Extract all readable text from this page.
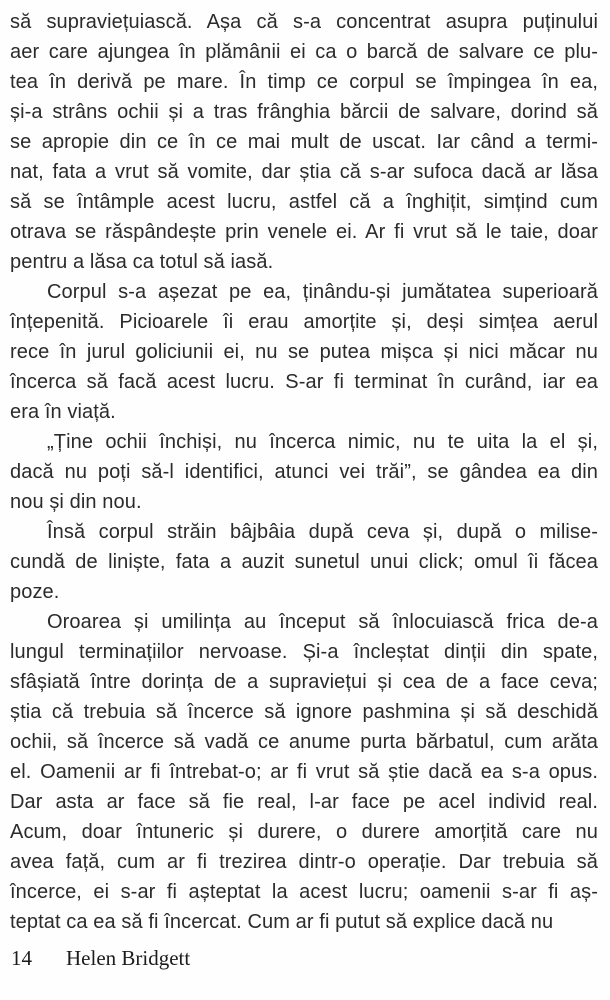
să supraviețuiască. Așa că s-a concentrat asupra puținului
aer care ajungea în plămânii ei ca o barcă de salvare ce plu-
tea în derivă pe mare. În timp ce corpul se împingea în ea,
și-a strâns ochii și a tras frânghia bărcii de salvare, dorind să
se apropie din ce în ce mai mult de uscat. Iar când a termi-
nat, fata a vrut să vomite, dar știa că s-ar sufoca dacă ar lăsa
să se întâmple acest lucru, astfel că a înghițit, simțind cum
otrava se răspândește prin venele ei. Ar fi vrut să le taie, doar
pentru a lăsa ca totul să iasă.

Corpul s-a așezat pe ea, ținându-și jumătatea superioară
înțepenită. Picioarele îi erau amorțite și, deși simțea aerul
rece în jurul goliciunii ei, nu se putea mișca și nici măcar nu
încerca să facă acest lucru. S-ar fi terminat în curând, iar ea
era în viață.

„Ține ochii închiși, nu încerca nimic, nu te uita la el și,
dacă nu poți să-l identifici, atunci vei trăi”, se gândea ea din
nou și din nou.

Însă corpul străin bâjbâia după ceva și, după o milise-
cundă de liniște, fata a auzit sunetul unui click; omul îi făcea
poze.

Oroarea și umilința au început să înlocuiască frica de-a
lungul terminațiilor nervoase. Și-a încleștat dinții din spate,
sfâșiată între dorința de a supraviețui și cea de a face ceva;
știa că trebuia să încerce să ignore pashmina și să deschidă
ochii, să încerce să vadă ce anume purta bărbatul, cum arăta
el. Oamenii ar fi întrebat-o; ar fi vrut să știe dacă ea s-a opus.
Dar asta ar face să fie real, l-ar face pe acel individ real.
Acum, doar întuneric și durere, o durere amorțită care nu
avea față, cum ar fi trezirea dintr-o operație. Dar trebuia să
încerce, ei s-ar fi așteptat la acest lucru; oamenii s-ar fi aș-
teptat ca ea să fi încercat. Cum ar fi putut să explice dacă nu

14	Helen Bridgett
